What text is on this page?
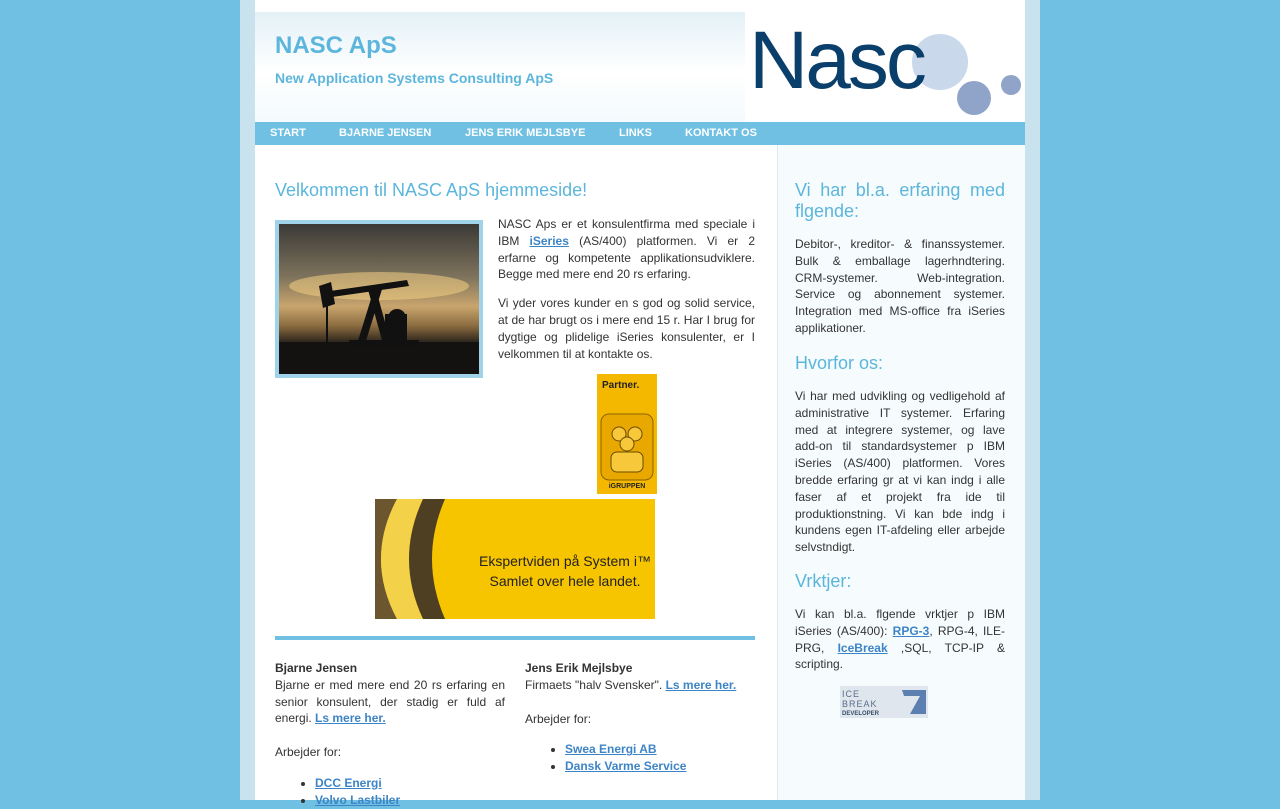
NASC ApS
New Application Systems Consulting ApS Nasc
START	BJARNE JENSEN	JENS ERIK MEJLSBYE	LINKS	KONTAKT OS
Velkommen til NASC ApS hjemmeside!

NASC Aps er et konsulentfirma med speciale i IBM iSeries (AS/400) platformen. Vi er 2 erfarne og kompetente applikationsudviklere. Begge med mere end 20 rs erfaring.

Vi yder vores kunder en s god og solid service, at de har brugt os i mere end 15 r. Har I brug for dygtige og plidelige iSeries konsulenter, er I velkommen til at kontakte os.

Partner.
iGRUPPEN
Ekspertviden på System i™
Samlet over hele landet.
Bjarne Jensen
Bjarne er med mere end 20 rs erfaring en senior konsulent, der stadig er fuld af energi. Ls mere her.
Arbejder for:
• DCC Energi
• Volvo Lastbiler
Jens Erik Mejlsbye
Firmaets "halv Svensker". Ls mere her.
Arbejder for:
• Swea Energi AB
• Dansk Varme Service
Vi har bl.a. erfaring med flgende:
Debitor-, kreditor- & finanssystemer. Bulk & emballage lagerhndtering. CRM-systemer. Web-integration. Service og abonnement systemer. Integration med MS-office fra iSeries applikationer.
Hvorfor os:
Vi har med udvikling og vedligehold af administrative IT systemer. Erfaring med at integrere systemer, og lave add-on til standardsystemer p IBM iSeries (AS/400) platformen. Vores bredde erfaring gr at vi kan indg i alle faser af et projekt fra ide til produktionstning. Vi kan bde indg i kundens egen IT-afdeling eller arbejde selvstndigt.
Vrktjer:
Vi kan bl.a. flgende vrktjer p IBM iSeries (AS/400): RPG-3, RPG-4, ILE-PRG, IceBreak ,SQL, TCP-IP & scripting.
ICE
BREAK
DEVELOPER
